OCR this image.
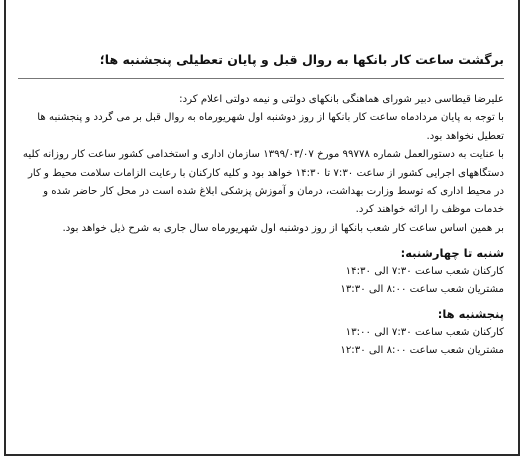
برگشت ساعت کار بانکها به روال قبل و پایان تعطیلی پنجشنبه ها؛

علیرضا قیطاسی دبیر شورای هماهنگی بانکهای دولتی و نیمه دولتی اعلام کرد:

با توجه به پایان مردادماه ساعت کار بانکها از روز دوشنبه اول شهریورماه به روال قبل بر می گردد و پنجشنبه ها تعطیل نخواهد بود.

با عنایت به دستورالعمل شماره ۹۹۷۷۸ مورخ ۱۳۹۹/۰۳/۰۷ سازمان اداری و استخدامی کشور ساعت کار روزانه کلیه دستگاههای اجرایی کشور از ساعت ۷:۳۰ تا ۱۴:۳۰ خواهد بود و کلیه کارکنان با رعایت الزامات سلامت محیط و کار در محیط اداری که توسط وزارت بهداشت، درمان و آموزش پزشکی ابلاغ شده است در محل کار حاضر شده و خدمات موظف را ارائه خواهند کرد.

بر همین اساس ساعت کار شعب بانکها از روز دوشنبه اول شهریورماه سال جاری به شرح ذیل خواهد بود.

شنبه تا چهارشنبه:
کارکنان شعب ساعت ۷:۳۰ الی ۱۴:۳۰
مشتریان شعب ساعت ۸:۰۰ الی ۱۳:۳۰
پنجشنبه ها:
کارکنان شعب ساعت ۷:۳۰ الی ۱۳:۰۰
مشتریان شعب ساعت ۸:۰۰ الی ۱۲:۳۰
